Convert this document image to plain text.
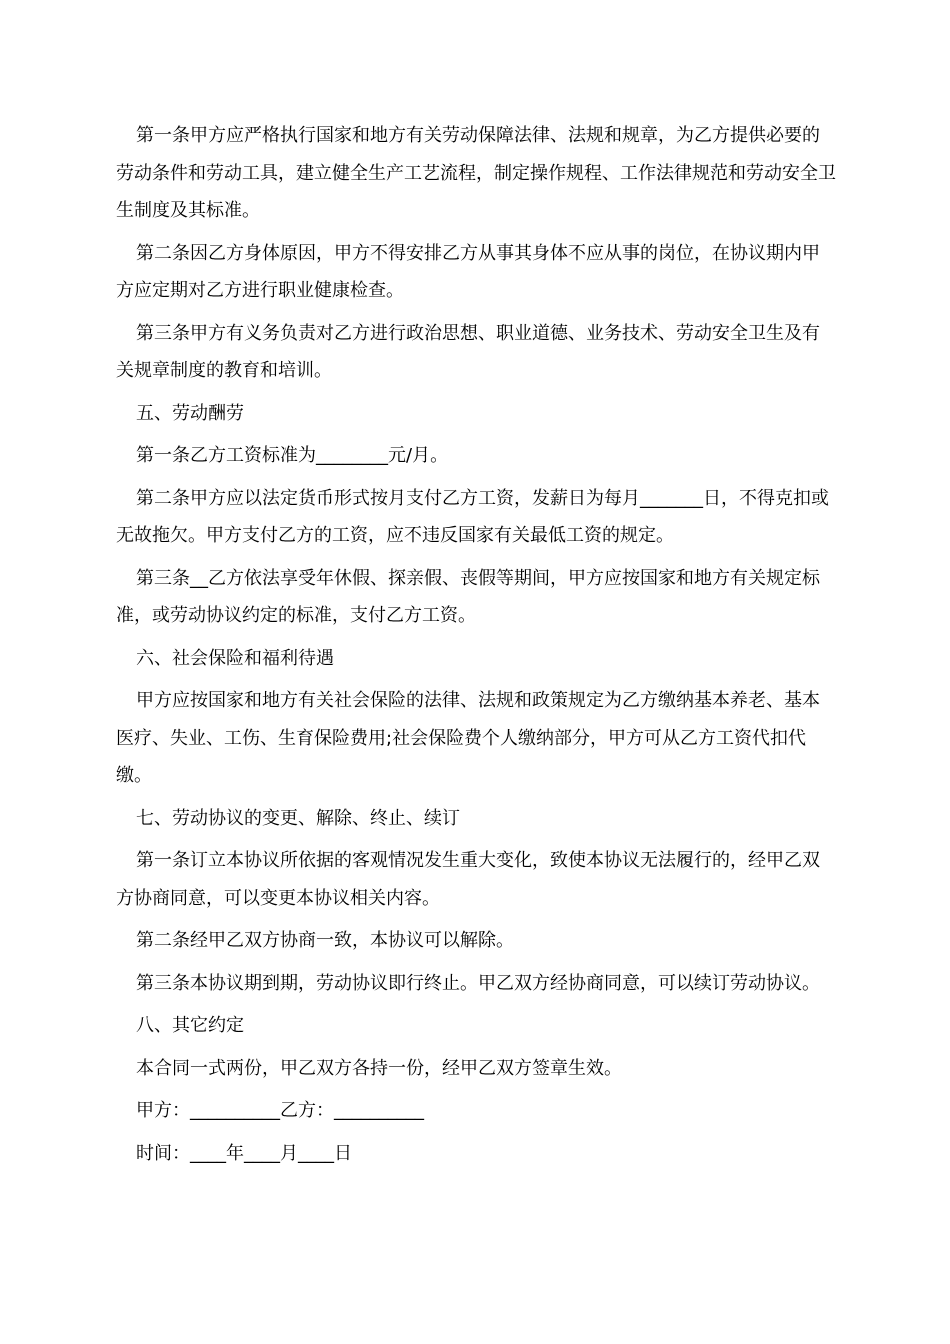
第一条甲方应严格执行国家和地方有关劳动保障法律、法规和规章，为乙方提供必要的劳动条件和劳动工具，建立健全生产工艺流程，制定操作规程、工作法律规范和劳动安全卫生制度及其标准。

第二条因乙方身体原因，甲方不得安排乙方从事其身体不应从事的岗位，在协议期内甲方应定期对乙方进行职业健康检查。

第三条甲方有义务负责对乙方进行政治思想、职业道德、业务技术、劳动安全卫生及有关规章制度的教育和培训。

五、劳动酬劳

第一条乙方工资标准为________元/月。

第二条甲方应以法定货币形式按月支付乙方工资，发薪日为每月_______日，不得克扣或无故拖欠。甲方支付乙方的工资，应不违反国家有关最低工资的规定。

第三条__乙方依法享受年休假、探亲假、丧假等期间，甲方应按国家和地方有关规定标准，或劳动协议约定的标准，支付乙方工资。

六、社会保险和福利待遇

甲方应按国家和地方有关社会保险的法律、法规和政策规定为乙方缴纳基本养老、基本医疗、失业、工伤、生育保险费用;社会保险费个人缴纳部分，甲方可从乙方工资代扣代缴。

七、劳动协议的变更、解除、终止、续订

第一条订立本协议所依据的客观情况发生重大变化，致使本协议无法履行的，经甲乙双方协商同意，可以变更本协议相关内容。

第二条经甲乙双方协商一致，本协议可以解除。

第三条本协议期到期，劳动协议即行终止。甲乙双方经协商同意，可以续订劳动协议。

八、其它约定

本合同一式两份，甲乙双方各持一份，经甲乙双方签章生效。

甲方：__________乙方：__________

时间：____年____月____日
